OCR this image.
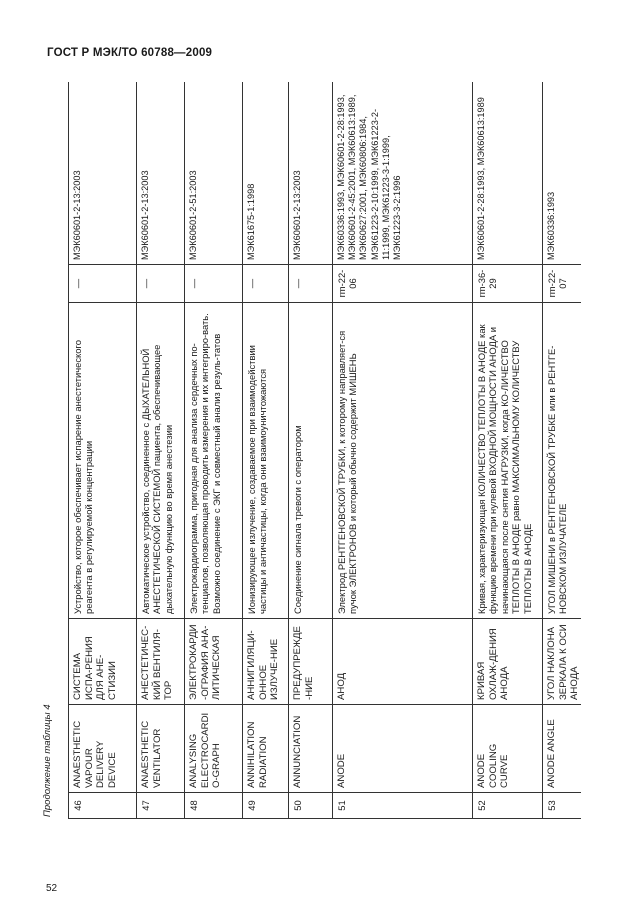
ГОСТ Р МЭК/ТО 60788—2009
46	ANAESTHETIC VAPOUR DELIVERY DEVICE	СИСТЕМА ИСПА-РЕНИЯ ДЛЯ АНЕ-СТИЗИИ	Устройство, которое обеспечивает испарение анестетического реагента в регулируемой концентрации	—	МЭК60601-2-13:2003
47	ANAESTHETIC VENTILATOR	АНЕСТЕТИЧЕС-КИЙ ВЕНТИЛЯ-ТОР	Автоматическое устройство, соединенное с ДЫХАТЕЛЬНОЙ АНЕСТЕТИЧЕСКОЙ СИСТЕМОЙ пациента, обеспечивающее дыхательную функцию во время анестезии	—	МЭК60601-2-13:2003
48	ANALYSING ELECTROCARDIO-GRAPH	ЭЛЕКТРОКАРДИ-ОГРАФИЯ АНА-ЛИТИЧЕСКАЯ	Электрокардиограмма, пригодная для анализа сердечных по-тенциалов, позволяющая проводить измерения и их интегриро-вать. Возможно соединение с ЭКГ и совместный анализ резуль-татов	—	МЭК60601-2-51:2003
49	ANNIHILATION RADIATION	АННИГИЛЯЦИ-ОННОЕ ИЗЛУЧЕ-НИЕ	Ионизирующее излучение, создаваемое при взаимодействии частицы и античастицы, когда они взаимоуничтожаются	—	МЭК61675-1:1998
50	ANNUNCIATION	ПРЕДУПРЕЖДЕ-НИЕ	Соединение сигнала тревоги с оператором	—	МЭК60601-2-13:2003
51	ANODE	АНОД	Электрод РЕНТГЕНОВСКОЙ ТРУБКИ, к которому направляет-ся пучок ЭЛЕКТРОНОВ и который обычно содержит МИШЕНЬ	rm-22-06	МЭК60336:1993, МЭК60601-2-28:1993, МЭК60601-2-45:2001, МЭК60613:1989, МЭК60627:2001, МЭК60806:1984, МЭК61223-2-10:1999, МЭК61223-2-11:1999, МЭК61223-3-1:1999, МЭК61223-3-2:1996
52	ANODE COOLING CURVE	КРИВАЯ ОХЛАЖ-ДЕНИЯ АНОДА	Кривая, характеризующая КОЛИЧЕСТВО ТЕПЛОТЫ В АНОДЕ как функцию времени при нулевой ВХОДНОЙ МОЩНОСТИ АНОДА и начинающаяся после снятия НАГРУЗКИ, когда КО-ЛИЧЕСТВО ТЕПЛОТЫ В АНОДЕ равно МАКСИМАЛЬНОМУ КОЛИЧЕСТВУ ТЕПЛОТЫ В АНОДЕ	rm-36-29	МЭК60601-2-28:1993, МЭК60613:1989
53	ANODE ANGLE	УГОЛ НАКЛОНА ЗЕРКАЛА К ОСИ АНОДА	УГОЛ МИШЕНИ в РЕНТГЕНОВСКОЙ ТРУБКЕ или в РЕНТГЕ-НОВСКОМ ИЗЛУЧАТЕЛЕ	rm-22-07	МЭК60336:1993
52
Продолжение таблицы 4
